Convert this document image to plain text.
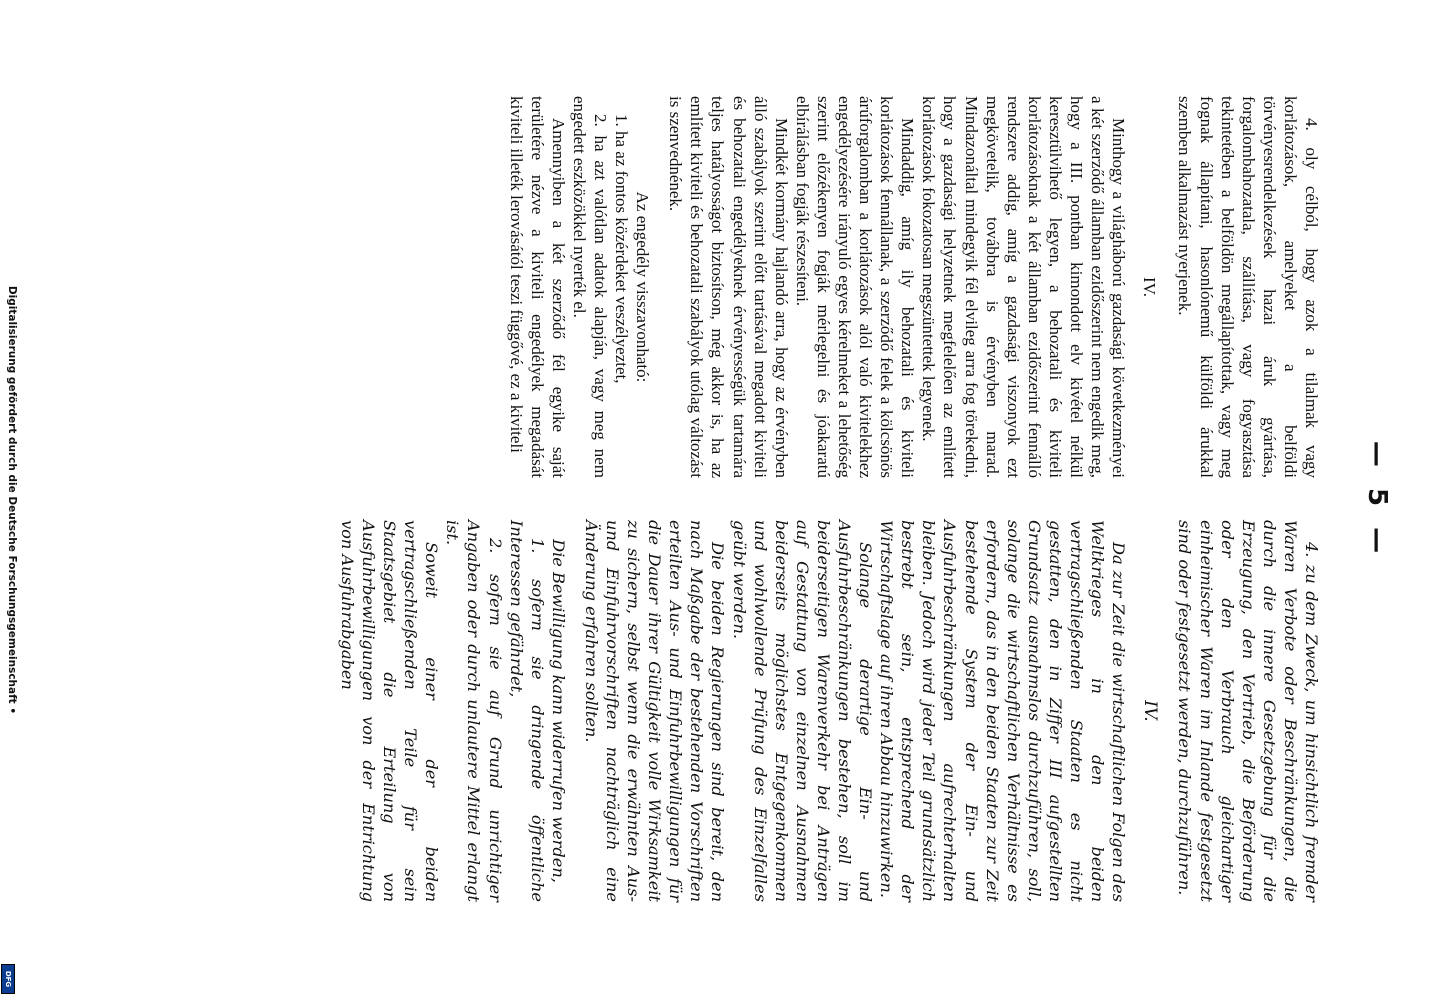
— 5 —

4. oly célból, hogy azok a tilalmak vagy korlátozások, amelyeket a belföldi törvényesrendelkezések hazai áruk gyártása, forgalombahozatala, szállítása, vagy fogyasztása tekintetében a belföldön megállapítottak, vagy meg fognak állapítani, hasonlónemű külföldi árukkal szemben alkalmazást nyerjenek.

IV.

Minthogy a világháború gazdasági következményei a két szerződő államban ezidőszerint nem engedik meg, hogy a III. pontban kimondott elv kivétel nélkül keresztülvihető legyen, a behozatali és kiviteli korlátozásoknak a két államban ezidőszerint fennálló rendszere addig, amíg a gazdasági viszonyok ezt megkövetelik, továbbra is érvényben marad. Mindazonáltal mindegyik fél elvileg arra fog törekedni, hogy a gazdasági helyzetnek megfelelően az említett korlátozások fokozatosan megszüntettek legyenek.

Mindaddig, amíg ily behozatali és kiviteli korlátozások fennállanak, a szerződő felek a kölcsönös árúforgalomban a korlátozások alól való kivitelekhez engedélyezésére irányuló egyes kérelmeket a lehetőség szerint előzékenyen fogják mérlegelni és jóakaratú elbírálásban fogják részesíteni.

Mindkét kormány hajlandó arra, hogy az érvényben álló szabályok szerint előtt tartásával megadott kiviteli és behozatali engedélyeknek érvényességük tartamára teljes hatályosságot biztosítson, még akkor is, ha az említett kiviteli és behozatali szabályok utólag változást is szenvednének.

Az engedély visszavonható:

1. ha az fontos közérdeket veszélyeztet,

2. ha azt valótlan adatok alapján, vagy meg nem engedett eszközökkel nyerték el.

Amennyiben a két szerződő fél egyike saját területére nézve a kiviteli engedélyek megadását kiviteli illeték lerovásától teszi függővé, ez a kiviteli

4. zu dem Zweck, um hinsichtlich fremder Waren Verbote oder Beschränkungen, die durch die innere Gesetzgebung für die Erzeugung, den Vertrieb, die Beförderung oder den Verbrauch gleichartiger einheimischer Waren im Inlande festgesetzt sind oder festgesetzt werden, durchzuführen.

IV.

Da zur Zeit die wirtschaftlichen Folgen des Weltkrieges in den beiden vertragschließenden Staaten es nicht gestatten, den in Ziffer III aufgestellten Grundsatz ausnahmslos durchzuführen, soll, solange die wirtschaftlichen Verhältnisse es erfordern, das in den beiden Staaten zur Zeit bestehende System der Ein- und Ausfuhrbeschränkungen aufrechterhalten bleiben. Jedoch wird jeder Teil grundsätzlich bestrebt sein, entsprechend der Wirtschaftslage auf ihren Abbau hinzuwirken.

Solange derartige Ein- und Ausfuhrbeschränkungen bestehen, soll im beiderseitigen Warenverkehr bei Anträgen auf Gestattung von einzelnen Ausnahmen beiderseits möglichstes Entgegenkommen und wohlwollende Prüfung des Einzelfalles geübt werden.

Die beiden Regierungen sind bereit, den nach Maßgabe der bestehenden Vorschriften erteilten Aus- und Einfuhrbewilligungen für die Dauer ihrer Gültigkeit volle Wirksamkeit zu sichern, selbst wenn die erwähnten Aus- und Einfuhrvorschriften nachträglich eine Änderung erfahren sollten.

Die Bewilligung kann widerrufen werden,

1. sofern sie dringende öffentliche Interessen gefährdet,

2. sofern sie auf Grund unrichtiger Angaben oder durch unlautere Mittel erlangt ist.

Soweit einer der beiden vertragschließenden Teile für sein Staatsgebiet die Erteilung von Ausfuhrbewilligungen von der Entrichtung von Ausfuhrabgaben

Digitalisierung gefördert durch die Deutsche Forschungsgemeinschaft •
DFG
